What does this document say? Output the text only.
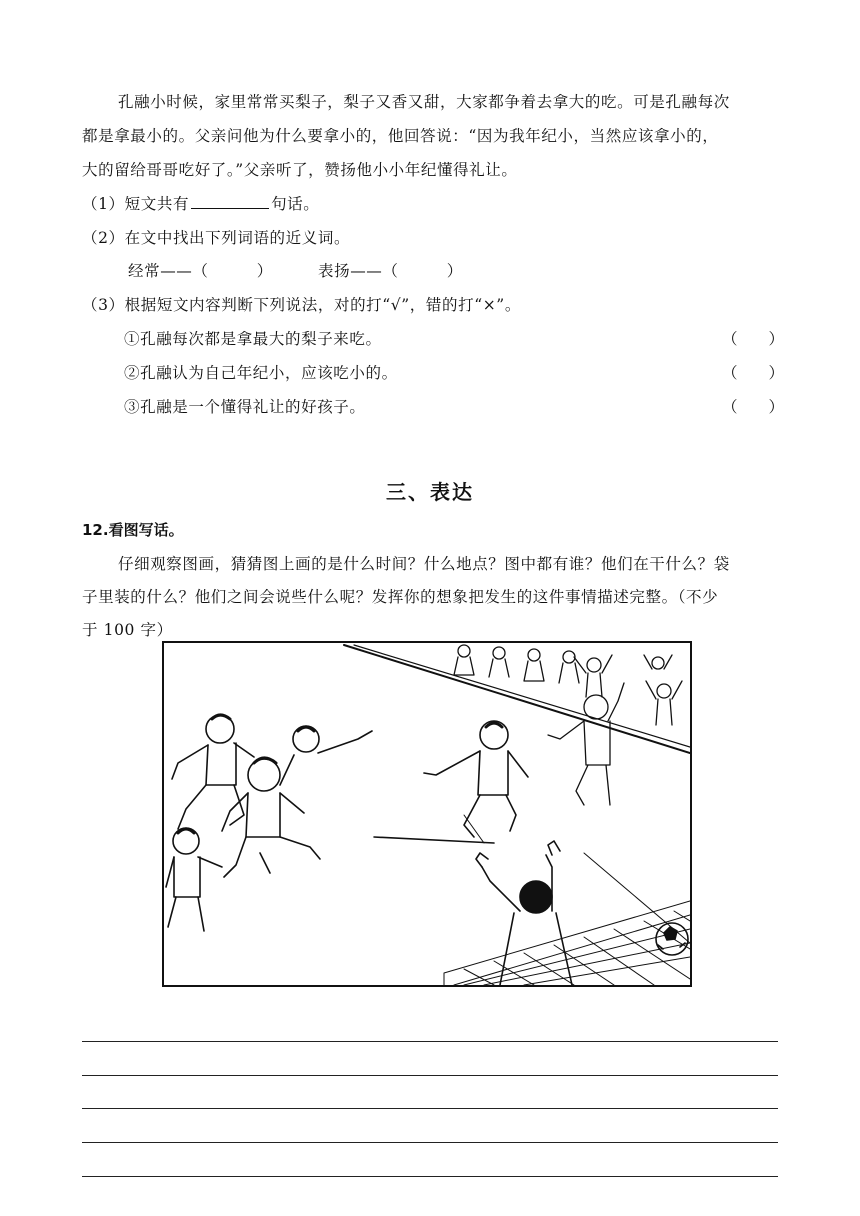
孔融小时候，家里常常买梨子，梨子又香又甜，大家都争着去拿大的吃。可是孔融每次
都是拿最小的。父亲问他为什么要拿小的，他回答说：“因为我年纪小，当然应该拿小的，
大的留给哥哥吃好了。”父亲听了，赞扬他小小年纪懂得礼让。
（1）短文共有	句话。
（2）在文中找出下列词语的近义词。
经常——（　　　）	表扬——（　　　）
（3）根据短文内容判断下列说法，对的打“√”，错的打“×”。
①孔融每次都是拿最大的梨子来吃。	（　　）
②孔融认为自己年纪小，应该吃小的。	（　　）
③孔融是一个懂得礼让的好孩子。	（　　）
三、表达
12.看图写话。
仔细观察图画，猜猜图上画的是什么时间？什么地点？图中都有谁？他们在干什么？袋
子里装的什么？他们之间会说些什么呢？发挥你的想象把发生的这件事情描述完整。（不少
于 100 字）
